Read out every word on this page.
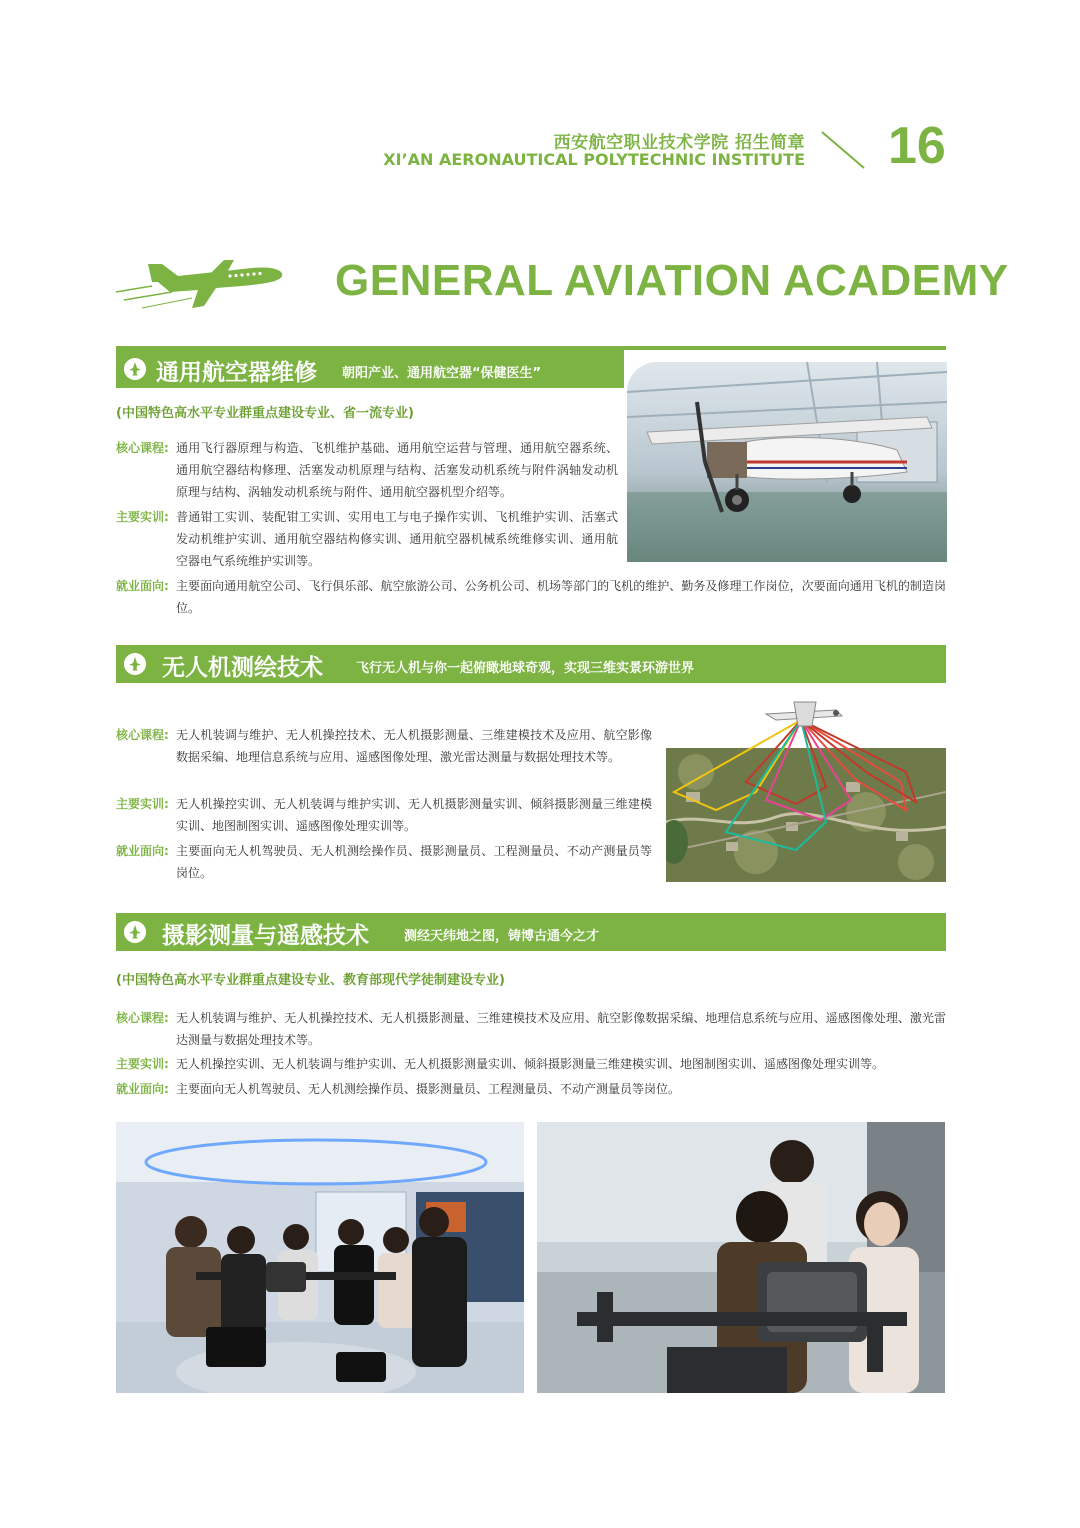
西安航空职业技术学院 招生简章
XI’AN AERONAUTICAL POLYTECHNIC INSTITUTE 16
GENERAL AVIATION ACADEMY
通用航空器维修 朝阳产业、通用航空器“保健医生”
(中国特色高水平专业群重点建设专业、省一流专业)
核心课程: 通用飞行器原理与构造、飞机维护基础、通用航空运营与管理、通用航空器系统、通用航空器结构修理、活塞发动机原理与结构、活塞发动机系统与附件涡轴发动机原理与结构、涡轴发动机系统与附件、通用航空器机型介绍等。
主要实训: 普通钳工实训、装配钳工实训、实用电工与电子操作实训、飞机维护实训、活塞式发动机维护实训、通用航空器结构修实训、通用航空器机械系统维修实训、通用航空器电气系统维护实训等。
就业面向: 主要面向通用航空公司、飞行俱乐部、航空旅游公司、公务机公司、机场等部门的飞机的维护、勤务及修理工作岗位，次要面向通用飞机的制造岗位。
无人机测绘技术	飞行无人机与你一起俯瞰地球奇观，实现三维实景环游世界
核心课程: 无人机装调与维护、无人机操控技术、无人机摄影测量、三维建模技术及应用、航空影像数据采编、地理信息系统与应用、遥感图像处理、激光雷达测量与数据处理技术等。
主要实训: 无人机操控实训、无人机装调与维护实训、无人机摄影测量实训、倾斜摄影测量三维建模实训、地图制图实训、遥感图像处理实训等。
就业面向: 主要面向无人机驾驶员、无人机测绘操作员、摄影测量员、工程测量员、不动产测量员等岗位。
摄影测量与遥感技术	测经天纬地之图，铸博古通今之才
(中国特色高水平专业群重点建设专业、教育部现代学徒制建设专业)
核心课程: 无人机装调与维护、无人机操控技术、无人机摄影测量、三维建模技术及应用、航空影像数据采编、地理信息系统与应用、遥感图像处理、激光雷达测量与数据处理技术等。
主要实训: 无人机操控实训、无人机装调与维护实训、无人机摄影测量实训、倾斜摄影测量三维建模实训、地图制图实训、遥感图像处理实训等。
就业面向: 主要面向无人机驾驶员、无人机测绘操作员、摄影测量员、工程测量员、不动产测量员等岗位。
